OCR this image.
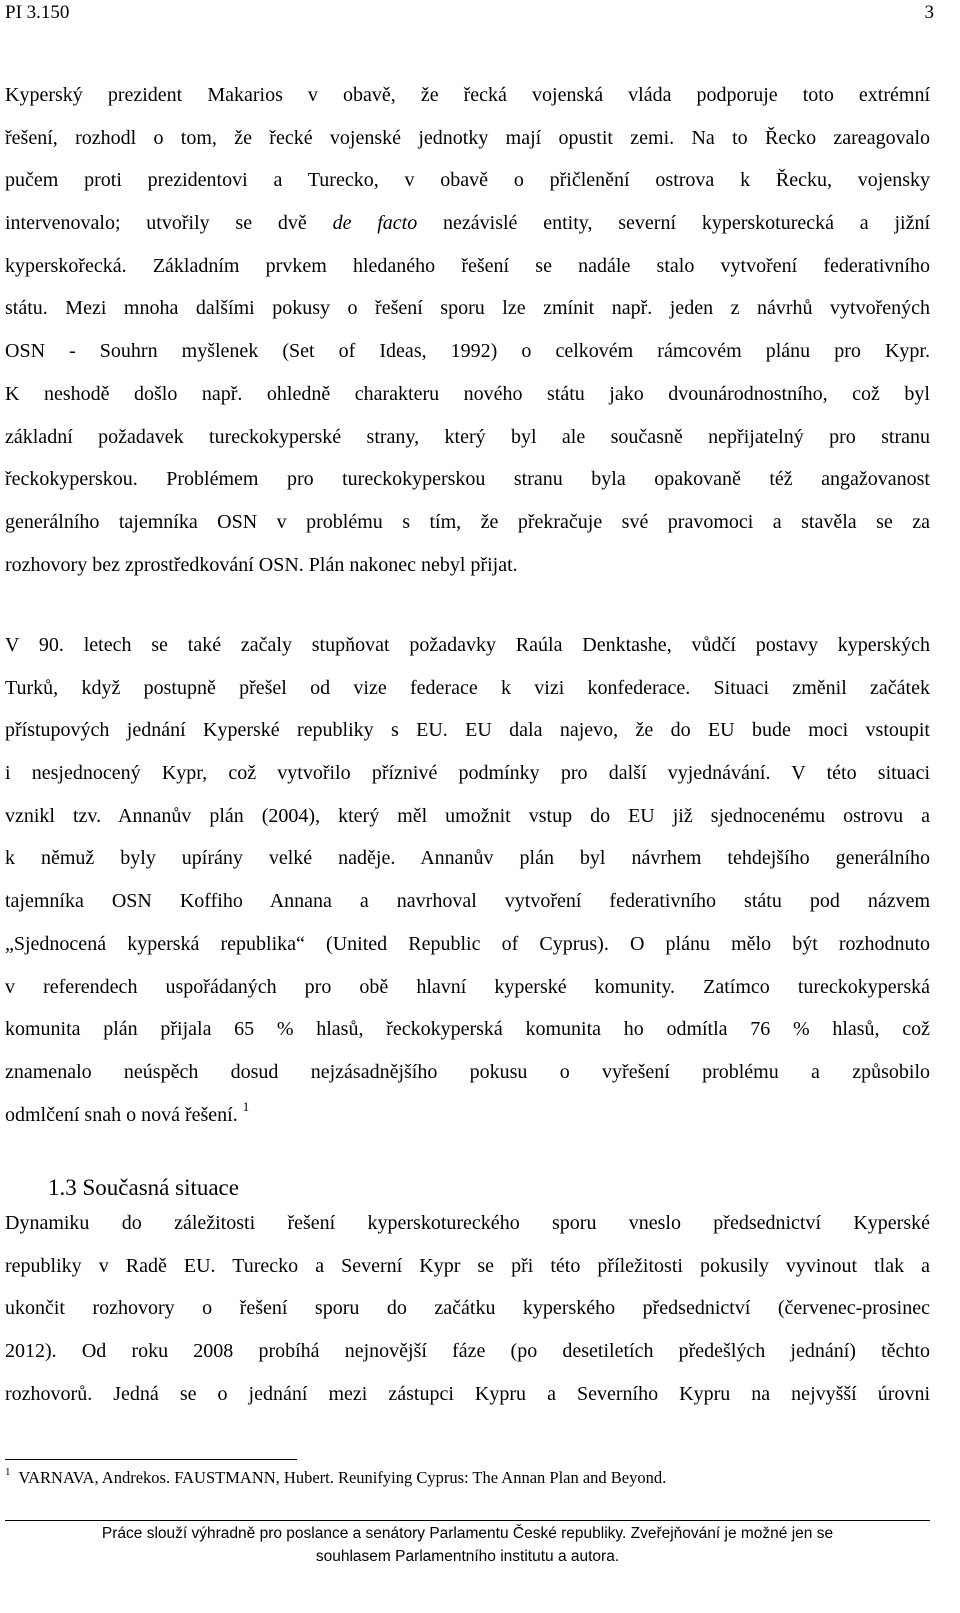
PI 3.150	3
Kyperský prezident Makarios v obavě, že řecká vojenská vláda podporuje toto extrémní
řešení, rozhodl o tom, že řecké vojenské jednotky mají opustit zemi. Na to Řecko zareagovalo
pučem proti prezidentovi a Turecko, v obavě o přičlenění ostrova k Řecku, vojensky
intervenovalo; utvořily se dvě de facto nezávislé entity, severní kyperskoturecká a jižní
kyperskořecká. Základním prvkem hledaného řešení se nadále stalo vytvoření federativního
státu. Mezi mnoha dalšími pokusy o řešení sporu lze zmínit např. jeden z návrhů vytvořených
OSN - Souhrn myšlenek (Set of Ideas, 1992) o celkovém rámcovém plánu pro Kypr.
K neshodě došlo např. ohledně charakteru nového státu jako dvounárodnostního, což byl
základní požadavek tureckokyperské strany, který byl ale současně nepřijatelný pro stranu
řeckokyperskou. Problémem pro tureckokyperskou stranu byla opakovaně též angažovanost
generálního tajemníka OSN v problému s tím, že překračuje své pravomoci a stavěla se za
rozhovory bez zprostředkování OSN. Plán nakonec nebyl přijat.
V 90. letech se také začaly stupňovat požadavky Raúla Denktashe, vůdčí postavy kyperských
Turků, když postupně přešel od vize federace k vizi konfederace. Situaci změnil začátek
přístupových jednání Kyperské republiky s EU. EU dala najevo, že do EU bude moci vstoupit
i nesjednocený Kypr, což vytvořilo příznivé podmínky pro další vyjednávání. V této situaci
vznikl tzv. Annanův plán (2004), který měl umožnit vstup do EU již sjednocenému ostrovu a
k němuž byly upírány velké naděje. Annanův plán byl návrhem tehdejšího generálního
tajemníka OSN Koffiho Annana a navrhoval vytvoření federativního státu pod názvem
„Sjednocená kyperská republika“ (United Republic of Cyprus). O plánu mělo být rozhodnuto
v referendech uspořádaných pro obě hlavní kyperské komunity. Zatímco tureckokyperská
komunita plán přijala 65 % hlasů, řeckokyperská komunita ho odmítla 76 % hlasů, což
znamenalo neúspěch dosud nejzásadnějšího pokusu o vyřešení problému a způsobilo
odmlčení snah o nová řešení. $^1$
1.3 Současná situace
Dynamiku do záležitosti řešení kyperskotureckého sporu vneslo předsednictví Kyperské
republiky v Radě EU. Turecko a Severní Kypr se při této příležitosti pokusily vyvinout tlak a
ukončit rozhovory o řešení sporu do začátku kyperského předsednictví (červenec-prosinec
2012). Od roku 2008 probíhá nejnovější fáze (po desetiletích předešlých jednání) těchto
rozhovorů. Jedná se o jednání mezi zástupci Kypru a Severního Kypru na nejvyšší úrovni
$^1$ VARNAVA, Andrekos. FAUSTMANN, Hubert. Reunifying Cyprus: The Annan Plan and Beyond.
Práce slouží výhradně pro poslance a senátory Parlamentu České republiky. Zveřejňování je možné jen se
souhlasem Parlamentního institutu a autora.
